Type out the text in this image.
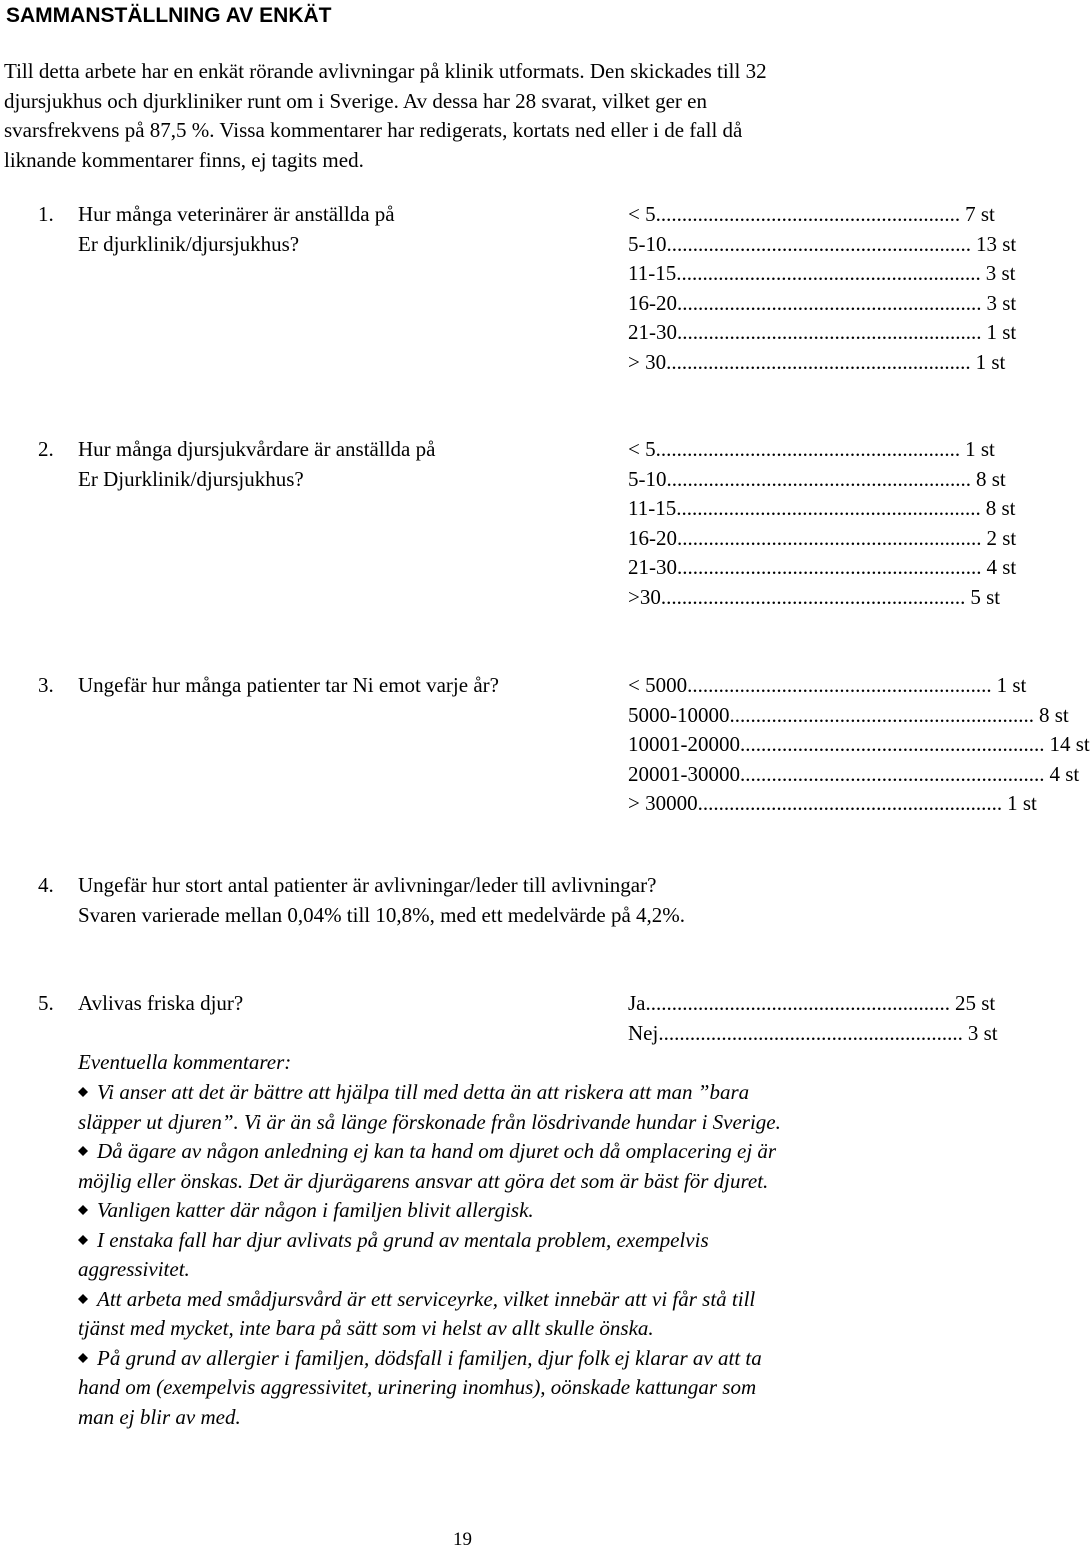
SAMMANSTÄLLNING AV ENKÄT
Till detta arbete har en enkät rörande avlivningar på klinik utformats. Den skickades till 32
djursjukhus och djurkliniker runt om i Sverige. Av dessa har 28 svarat, vilket ger en
svarsfrekvens på 87,5 %. Vissa kommentarer har redigerats, kortats ned eller i de fall då
liknande kommentarer finns, ej tagits med.
1. Hur många veterinärer är anställda på
Er djurklinik/djursjukhus?
< 5 .......................................................... 7 st
5-10 .......................................................... 13 st
11-15 .......................................................... 3 st
16-20 .......................................................... 3 st
21-30 .......................................................... 1 st
> 30 .......................................................... 1 st
2. Hur många djursjukvårdare är anställda på
Er Djurklinik/djursjukhus?
< 5 .......................................................... 1 st
5-10 .......................................................... 8 st
11-15 .......................................................... 8 st
16-20 .......................................................... 2 st
21-30 .......................................................... 4 st
>30 .......................................................... 5 st
3. Ungefär hur många patienter tar Ni emot varje år?	< 5000 .......................................................... 1 st
5000-10000 .......................................................... 8 st
10001-20000 .......................................................... 14 st
20001-30000 .......................................................... 4 st
> 30000 .......................................................... 1 st
4. Ungefär hur stort antal patienter är avlivningar/leder till avlivningar?
Svaren varierade mellan 0,04% till 10,8%, med ett medelvärde på 4,2%.
5. Avlivas friska djur?	Ja .......................................................... 25 st
Nej .......................................................... 3 st
Eventuella kommentarer:
Vi anser att det är bättre att hjälpa till med detta än att riskera att man ”bara
släpper ut djuren”. Vi är än så länge förskonade från lösdrivande hundar i Sverige.
Då ägare av någon anledning ej kan ta hand om djuret och då omplacering ej är
möjlig eller önskas. Det är djurägarens ansvar att göra det som är bäst för djuret.
Vanligen katter där någon i familjen blivit allergisk.
I enstaka fall har djur avlivats på grund av mentala problem, exempelvis
aggressivitet.
Att arbeta med smådjursvård är ett serviceyrke, vilket innebär att vi får stå till
tjänst med mycket, inte bara på sätt som vi helst av allt skulle önska.
På grund av allergier i familjen, dödsfall i familjen, djur folk ej klarar av att ta
hand om (exempelvis aggressivitet, urinering inomhus), oönskade kattungar som
man ej blir av med.
19
